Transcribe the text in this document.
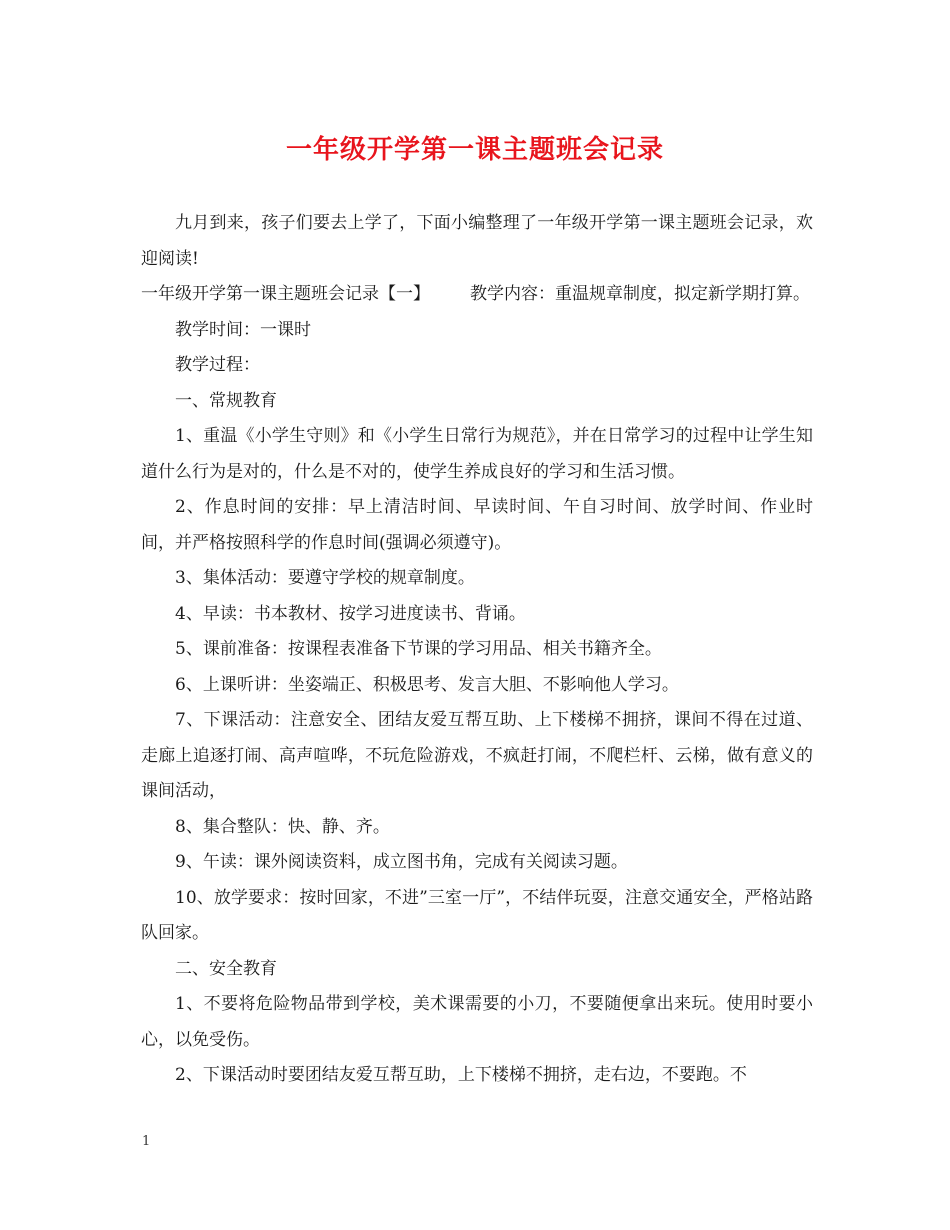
一年级开学第一课主题班会记录

九月到来，孩子们要去上学了，下面小编整理了一年级开学第一课主题班会记录，欢迎阅读!

一年级开学第一课主题班会记录【一】 教学内容：重温规章制度，拟定新学期打算。

教学时间：一课时

教学过程：

一、常规教育

1、重温《小学生守则》和《小学生日常行为规范》，并在日常学习的过程中让学生知道什么行为是对的，什么是不对的，使学生养成良好的学习和生活习惯。

2、作息时间的安排：早上清洁时间、早读时间、午自习时间、放学时间、作业时间，并严格按照科学的作息时间(强调必须遵守)。

3、集体活动：要遵守学校的规章制度。

4、早读：书本教材、按学习进度读书、背诵。

5、课前准备：按课程表准备下节课的学习用品、相关书籍齐全。

6、上课听讲：坐姿端正、积极思考、发言大胆、不影响他人学习。

7、下课活动：注意安全、团结友爱互帮互助、上下楼梯不拥挤，课间不得在过道、走廊上追逐打闹、高声喧哗，不玩危险游戏，不疯赶打闹，不爬栏杆、云梯，做有意义的课间活动，

8、集合整队：快、静、齐。

9、午读：课外阅读资料，成立图书角，完成有关阅读习题。

10、放学要求：按时回家，不进”三室一厅”，不结伴玩耍，注意交通安全，严格站路队回家。

二、安全教育

1、不要将危险物品带到学校，美术课需要的小刀，不要随便拿出来玩。使用时要小心，以免受伤。

2、下课活动时要团结友爱互帮互助，上下楼梯不拥挤，走右边，不要跑。不

1
